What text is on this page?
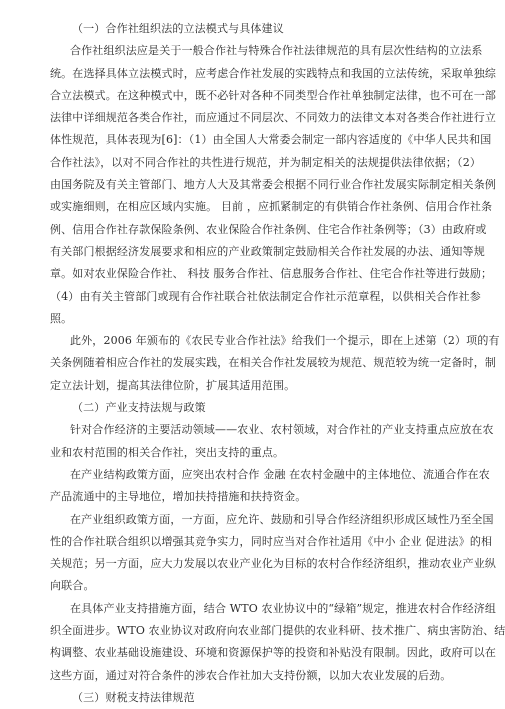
（一）合作社组织法的立法模式与具体建议
合作社组织法应是关于一般合作社与特殊合作社法律规范的具有层次性结构的立法系
统。在选择具体立法模式时，应考虑合作社发展的实践特点和我国的立法传统，采取单独综
合立法模式。在这种模式中，既不必针对各种不同类型合作社单独制定法律，也不可在一部
法律中详细规范各类合作社，而应通过不同层次、不同效力的法律文本对各类合作社进行立
体性规范，具体表现为[6]：（1）由全国人大常委会制定一部内容适度的《中华人民共和国
合作社法》，以对不同合作社的共性进行规范，并为制定相关的法规提供法律依据；（2）
由国务院及有关主管部门、地方人大及其常委会根据不同行业合作社发展实际制定相关条例
或实施细则，在相应区域内实施。 目前 ，应抓紧制定的有供销合作社条例、信用合作社条
例、信用合作社存款保险条例、农业保险合作社条例、住宅合作社条例等；（3）由政府或
有关部门根据经济发展要求和相应的产业政策制定鼓励相关合作社发展的办法、通知等规
章。如对农业保险合作社、 科技 服务合作社、信息服务合作社、住宅合作社等进行鼓励；
（4）由有关主管部门或现有合作社联合社依法制定合作社示范章程，以供相关合作社参
照。
此外，2006 年颁布的《农民专业合作社法》给我们一个提示，即在上述第（2）项的有
关条例随着相应合作社的发展实践，在相关合作社发展较为规范、规范较为统一定备时，制
定立法计划，提高其法律位阶，扩展其适用范围。
（二）产业支持法规与政策
针对合作经济的主要活动领域——农业、农村领域，对合作社的产业支持重点应放在农
业和农村范围的相关合作社，突出支持的重点。
在产业结构政策方面，应突出农村合作 金融 在农村金融中的主体地位、流通合作在农
产品流通中的主导地位，增加扶持措施和扶持资金。
在产业组织政策方面，一方面，应允许、鼓励和引导合作经济组织形成区域性乃至全国
性的合作社联合组织以增强其竞争实力，同时应当对合作社适用《中小 企业 促进法》的相
关规范；另一方面，应大力发展以农业产业化为目标的农村合作经济组织，推动农业产业纵
向联合。
在具体产业支持措施方面，结合 WTO 农业协议中的“绿箱”规定，推进农村合作经济组
织全面进步。WTO 农业协议对政府向农业部门提供的农业科研、技术推广、病虫害防治、结
构调整、农业基础设施建设、环境和资源保护等的投资和补贴没有限制。因此，政府可以在
这些方面，通过对符合条件的涉农合作社加大支持份额，以加大农业发展的后劲。
（三）财税支持法律规范
